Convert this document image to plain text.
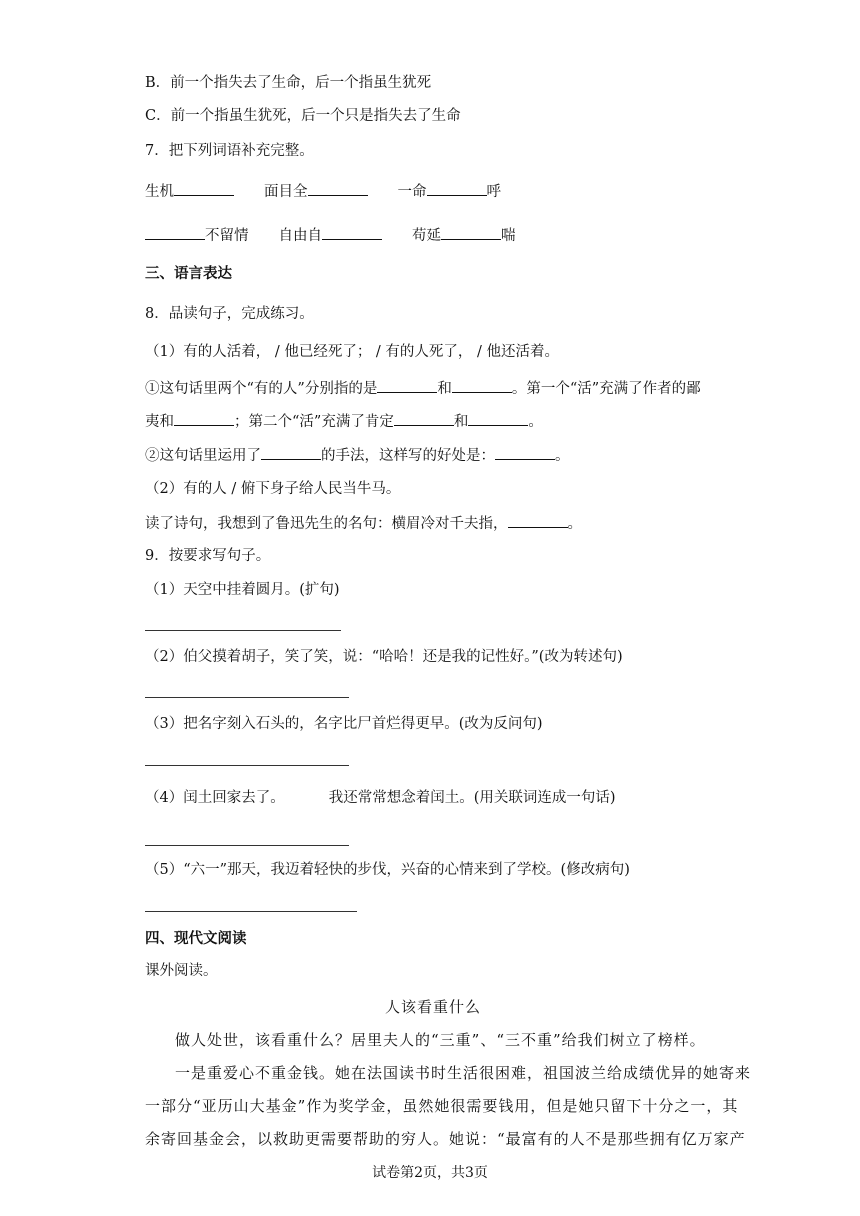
B．前一个指失去了生命，后一个指虽生犹死
C．前一个指虽生犹死，后一个只是指失去了生命
7．把下列词语补充完整。
生机	面目全	一命	呼
不留情 自由自	苟延	喘
三、语言表达
8．品读句子，完成练习。
（1）有的人活着， / 他已经死了； / 有的人死了， / 他还活着。
①这句话里两个“有的人”分别指的是	和	。第一个“活”充满了作者的鄙
夷和	；第二个“活”充满了肯定	和	。
②这句话里运用了	的手法，这样写的好处是：	。
（2）有的人 / 俯下身子给人民当牛马。
读了诗句，我想到了鲁迅先生的名句：横眉冷对千夫指，	。
9．按要求写句子。
（1）天空中挂着圆月。(扩句)
（2）伯父摸着胡子，笑了笑，说：“哈哈！还是我的记性好。”(改为转述句)
（3）把名字刻入石头的，名字比尸首烂得更早。(改为反问句)
（4）闰土回家去了。	我还常常想念着闰土。(用关联词连成一句话)
（5）“六一”那天，我迈着轻快的步伐，兴奋的心情来到了学校。(修改病句)
四、现代文阅读
课外阅读。
人该看重什么
做人处世，该看重什么？居里夫人的“三重”、“三不重”给我们树立了榜样。
一是重爱心不重金钱。她在法国读书时生活很困难，祖国波兰给成绩优异的她寄来
一部分“亚历山大基金”作为奖学金，虽然她很需要钱用，但是她只留下十分之一，其
余寄回基金会，以救助更需要帮助的穷人。她说：“最富有的人不是那些拥有亿万家产
试卷第2页，共3页
